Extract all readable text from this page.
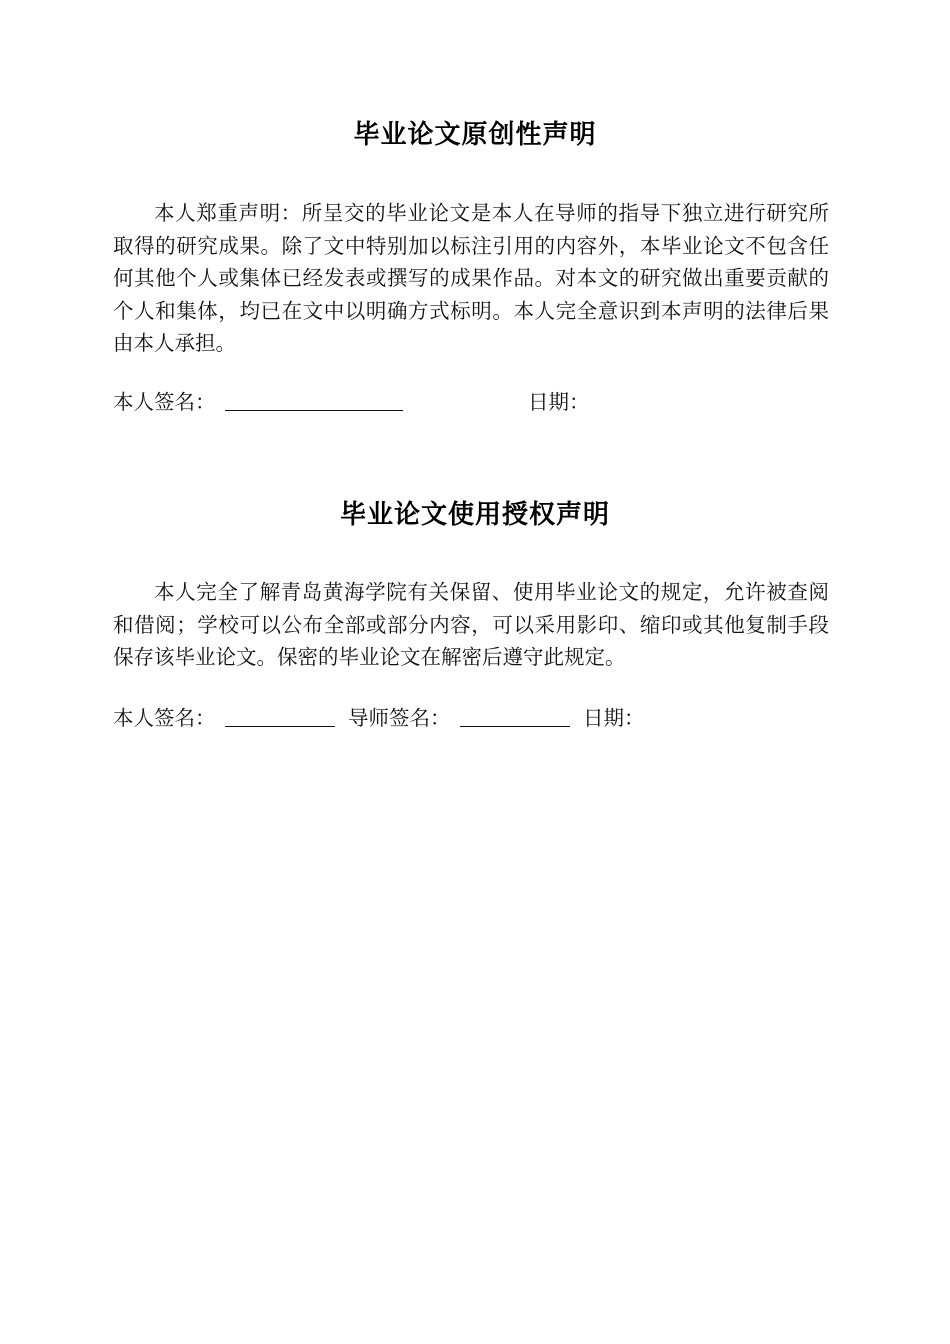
毕业论文原创性声明
本人郑重声明：所呈交的毕业论文是本人在导师的指导下独立进行研究所取得的研究成果。除了文中特别加以标注引用的内容外，本毕业论文不包含任何其他个人或集体已经发表或撰写的成果作品。对本文的研究做出重要贡献的个人和集体，均已在文中以明确方式标明。本人完全意识到本声明的法律后果由本人承担。
本人签名：	日期：
毕业论文使用授权声明
本人完全了解青岛黄海学院有关保留、使用毕业论文的规定，允许被查阅和借阅；学校可以公布全部或部分内容，可以采用影印、缩印或其他复制手段保存该毕业论文。保密的毕业论文在解密后遵守此规定。
本人签名：	导师签名：	日期：
